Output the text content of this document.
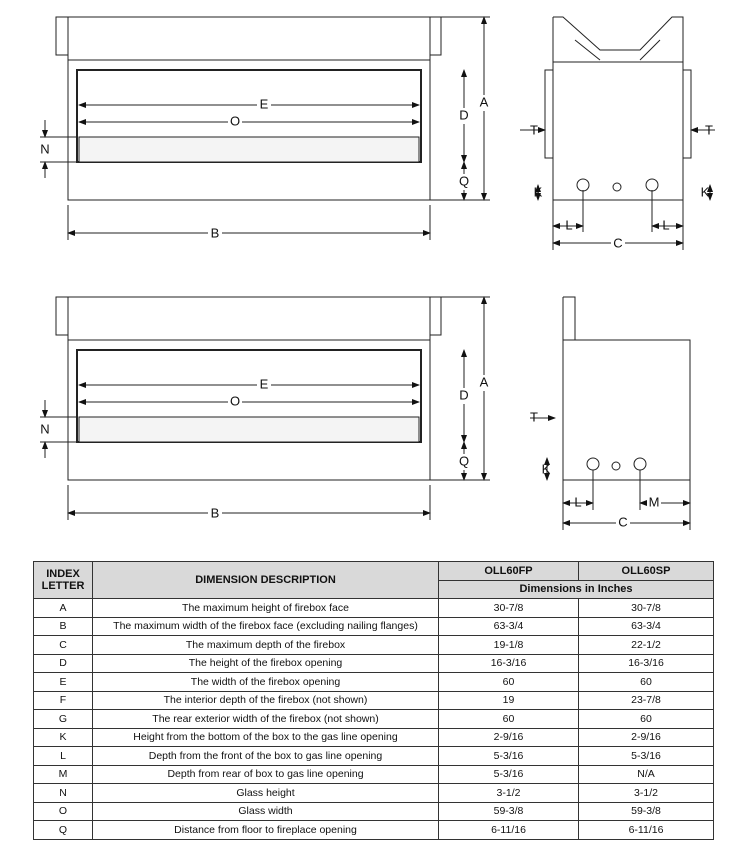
E
O
A
D
Q
N
B
E
O
A
D
Q
N
B
T	T
K	K
L	L
C
T
K
L	M
C
INDEX LETTER	DIMENSION DESCRIPTION	OLL60FP	OLL60SP
		Dimensions in Inches	
A	The maximum height of firebox face	30-7/8	30-7/8
B	The maximum width of the firebox face (excluding nailing flanges)	63-3/4	63-3/4
C	The maximum depth of the firebox	19-1/8	22-1/2
D	The height of the firebox opening	16-3/16	16-3/16
E	The width of the firebox opening	60	60
F	The interior depth of the firebox (not shown)	19	23-7/8
G	The rear exterior width of the firebox (not shown)	60	60
K	Height from the bottom of the box to the gas line opening	2-9/16	2-9/16
L	Depth from the front of the box to gas line opening	5-3/16	5-3/16
M	Depth from rear of box to gas line opening	5-3/16	N/A
N	Glass height	3-1/2	3-1/2
O	Glass width	59-3/8	59-3/8
Q	Distance from floor to fireplace opening	6-11/16	6-11/16
